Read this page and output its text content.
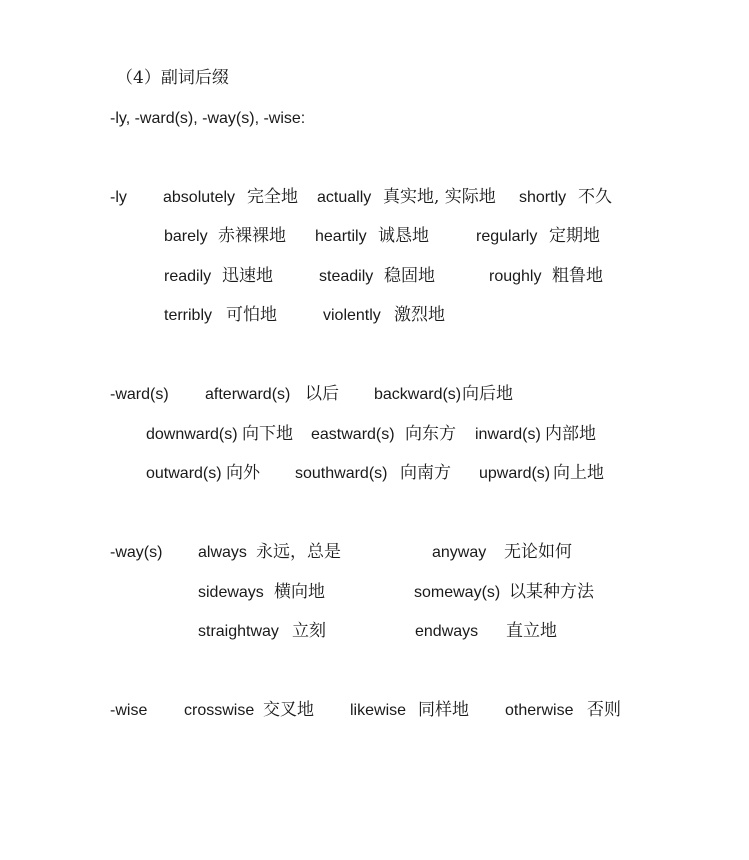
（4）副词后缀
-ly, -ward(s), -way(s), -wise:
-ly absolutely 完全地 actually 真实地, 实际地 shortly 不久
barely 赤裸裸地 heartily 诚恳地	regularly 定期地
readily 迅速地	steadily 稳固地	roughly 粗鲁地
terribly 可怕地	violently 激烈地
-ward(s) afterward(s) 以后 backward(s) 向后地
downward(s) 向下地 eastward(s) 向东方 inward(s) 内部地
outward(s) 向外 southward(s) 向南方 upward(s) 向上地
-way(s) always 永远，总是	anyway 无论如何
sideways 横向地	someway(s) 以某种方法
straightway 立刻	endways 直立地
-wise crosswise 交叉地 likewise 同样地 otherwise 否则
